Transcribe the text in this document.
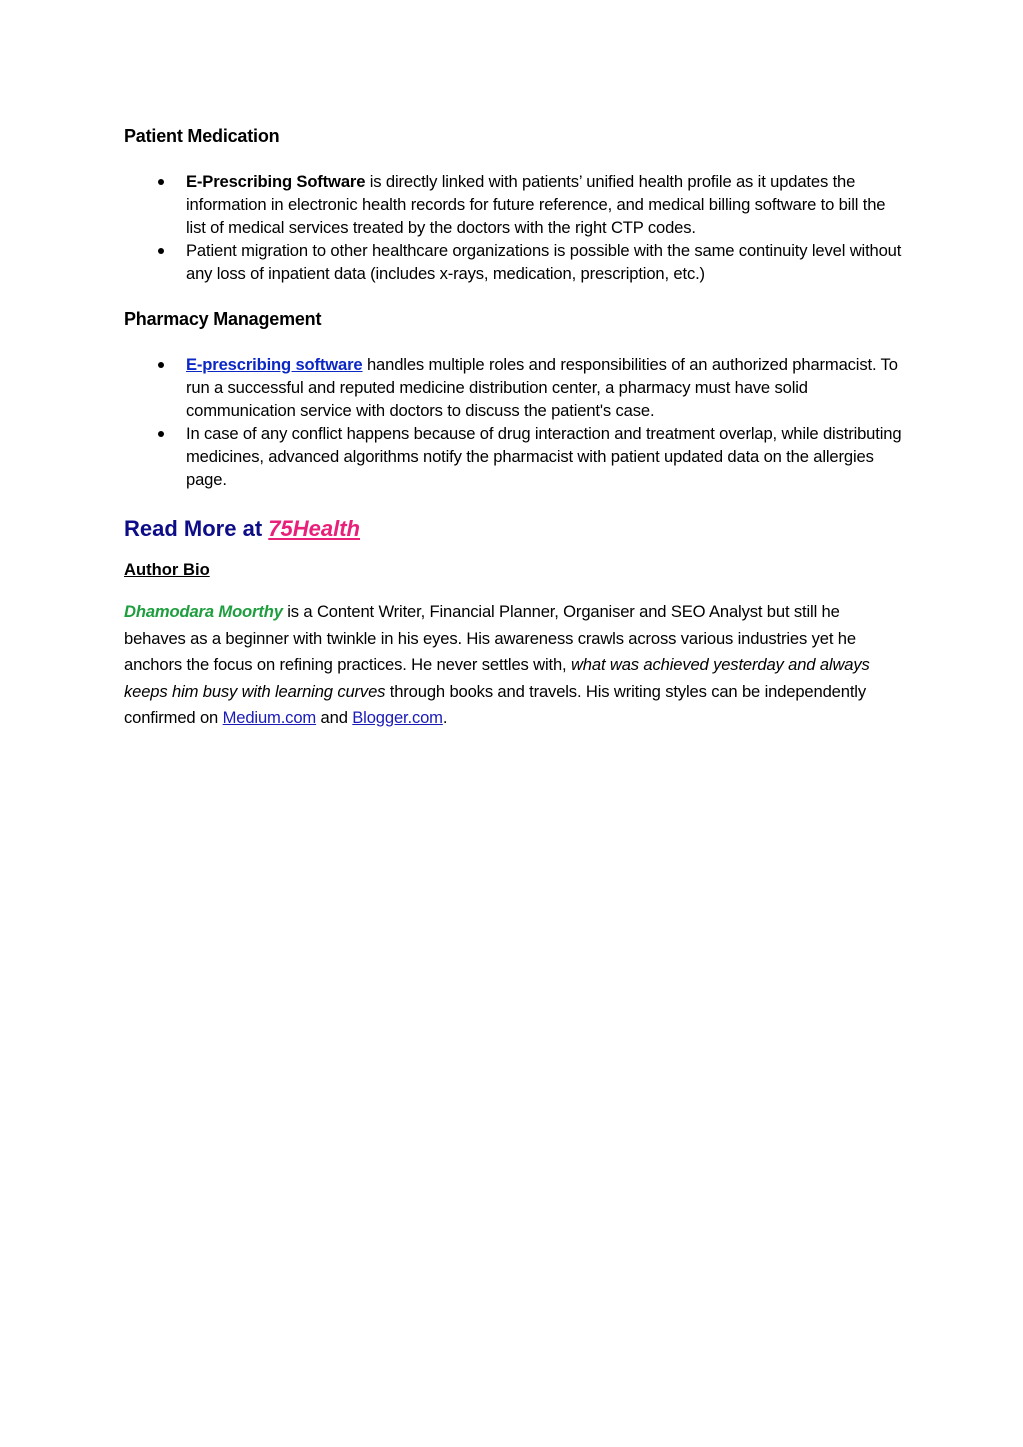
Patient Medication
E-Prescribing Software is directly linked with patients’ unified health profile as it updates the information in electronic health records for future reference, and medical billing software to bill the list of medical services treated by the doctors with the right CTP codes.
Patient migration to other healthcare organizations is possible with the same continuity level without any loss of inpatient data (includes x-rays, medication, prescription, etc.)
Pharmacy Management
E-prescribing software handles multiple roles and responsibilities of an authorized pharmacist. To run a successful and reputed medicine distribution center, a pharmacy must have solid communication service with doctors to discuss the patient's case.
In case of any conflict happens because of drug interaction and treatment overlap, while distributing medicines, advanced algorithms notify the pharmacist with patient updated data on the allergies page.

Read More at 75Health

Author Bio

Dhamodara Moorthy is a Content Writer, Financial Planner, Organiser and SEO Analyst but still he behaves as a beginner with twinkle in his eyes. His awareness crawls across various industries yet he anchors the focus on refining practices. He never settles with, what was achieved yesterday and always keeps him busy with learning curves through books and travels. His writing styles can be independently confirmed on Medium.com and Blogger.com.
